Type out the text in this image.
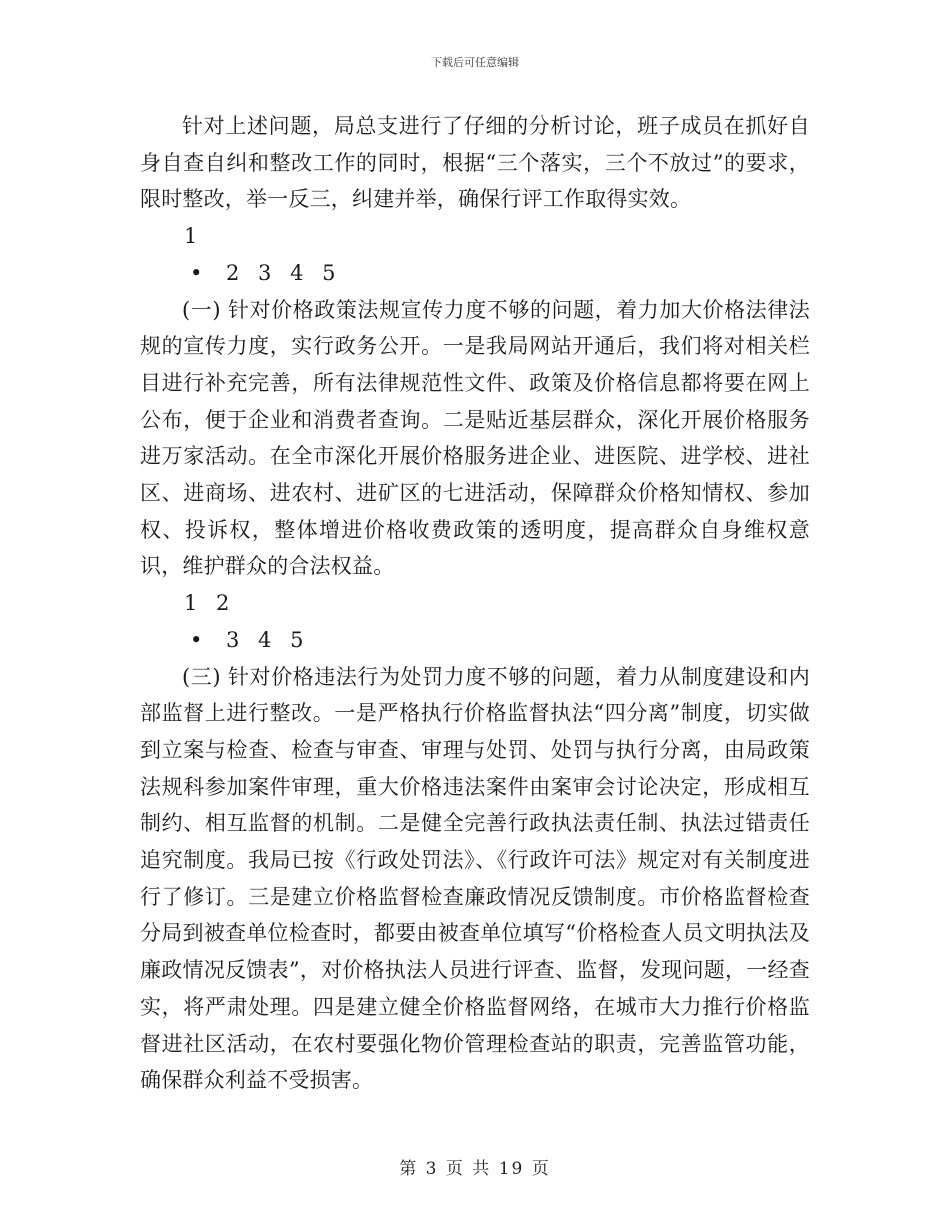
下载后可任意编辑

针对上述问题，局总支进行了仔细的分析讨论，班子成员在抓好自身自查自纠和整改工作的同时，根据“三个落实，三个不放过”的要求，限时整改，举一反三，纠建并举，确保行评工作取得实效。

1

• 2 3 4 5

(一) 针对价格政策法规宣传力度不够的问题，着力加大价格法律法规的宣传力度，实行政务公开。一是我局网站开通后，我们将对相关栏目进行补充完善，所有法律规范性文件、政策及价格信息都将要在网上公布，便于企业和消费者查询。二是贴近基层群众，深化开展价格服务进万家活动。在全市深化开展价格服务进企业、进医院、进学校、进社区、进商场、进农村、进矿区的七进活动，保障群众价格知情权、参加权、投诉权，整体增进价格收费政策的透明度，提高群众自身维权意识，维护群众的合法权益。

1 2

• 3 4 5

(三) 针对价格违法行为处罚力度不够的问题，着力从制度建设和内部监督上进行整改。一是严格执行价格监督执法“四分离”制度，切实做到立案与检查、检查与审查、审理与处罚、处罚与执行分离，由局政策法规科参加案件审理，重大价格违法案件由案审会讨论决定，形成相互制约、相互监督的机制。二是健全完善行政执法责任制、执法过错责任追究制度。我局已按《行政处罚法》、《行政许可法》规定对有关制度进行了修订。三是建立价格监督检查廉政情况反馈制度。市价格监督检查分局到被查单位检查时，都要由被查单位填写“价格检查人员文明执法及廉政情况反馈表”，对价格执法人员进行评查、监督，发现问题，一经查实，将严肃处理。四是建立健全价格监督网络，在城市大力推行价格监督进社区活动，在农村要强化物价管理检查站的职责，完善监管功能，确保群众利益不受损害。

第 3 页 共 19 页
